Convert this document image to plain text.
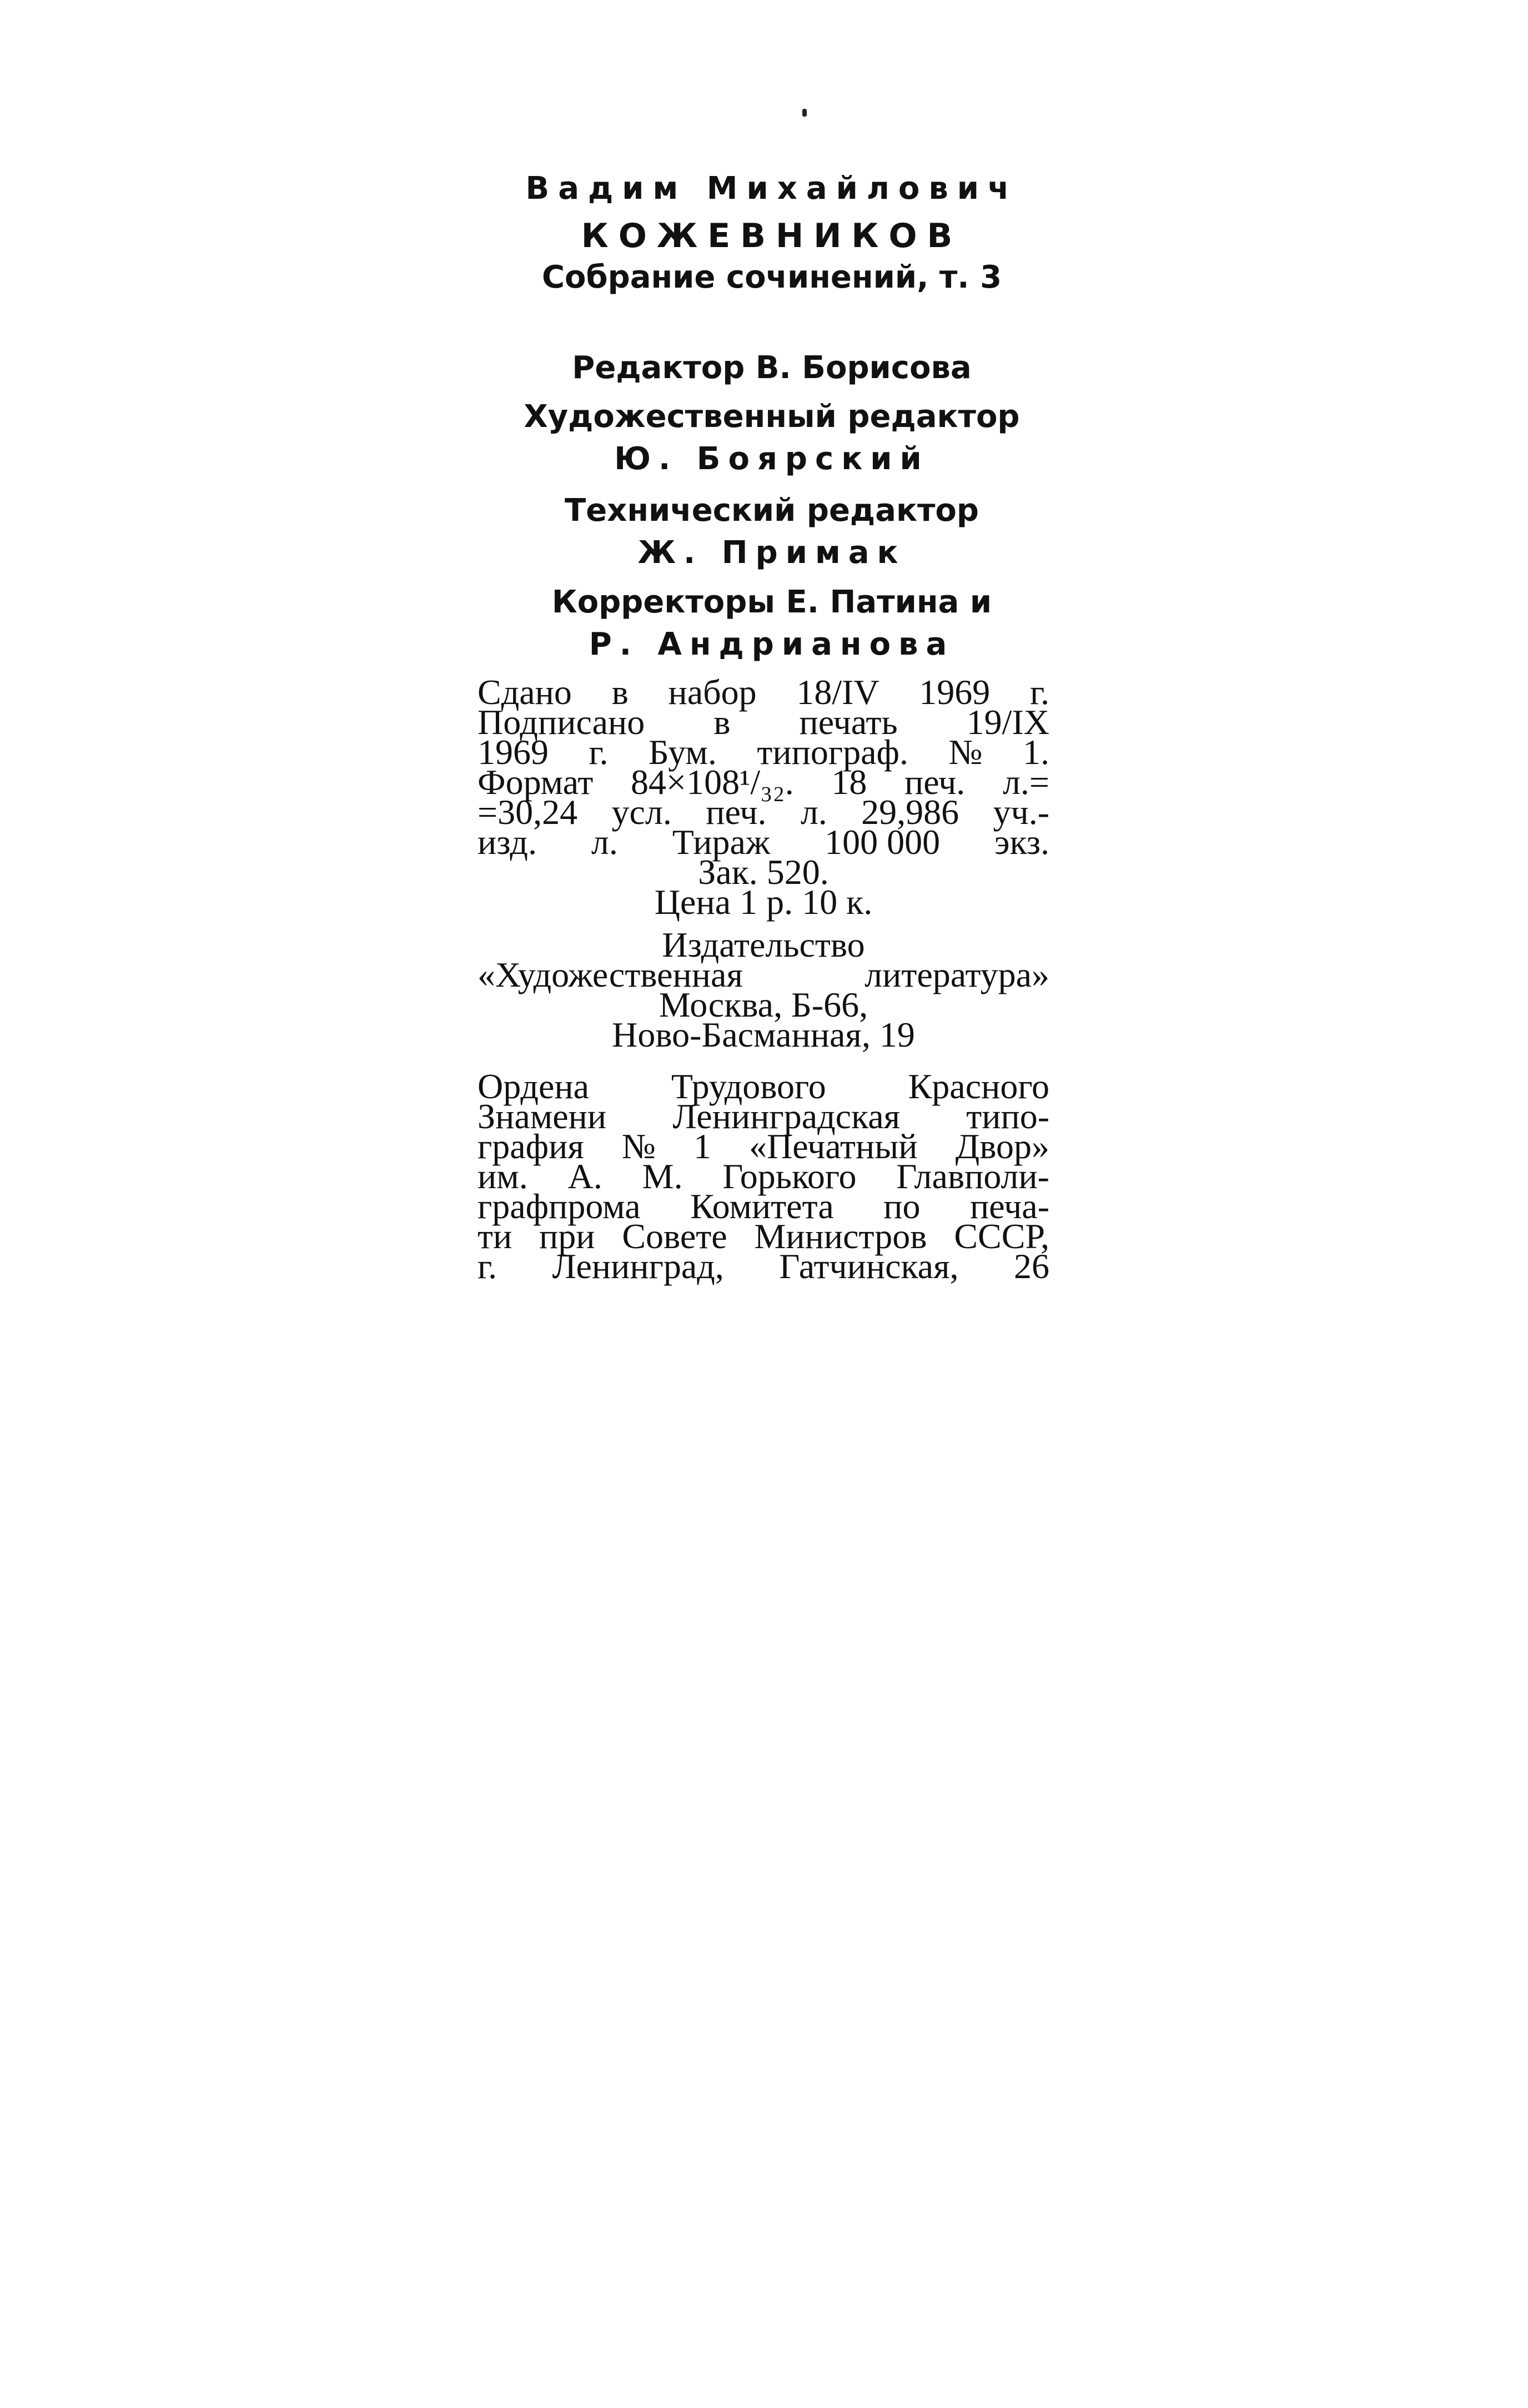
Вадим Михайлович
КОЖЕВНИКОВ
Собрание сочинений, т. 3
Редактор В. Борисова
Художественный редактор
Ю. Боярский
Технический редактор
Ж. Примак
Корректоры Е. Патина и
Р. Андрианова
Сдано в набор 18/IV 1969 г.
Подписано в печать 19/IX
1969 г. Бум. типограф. № 1.
Формат 84×108¹/₃₂. 18 печ. л.=
=30,24 усл. печ. л. 29,986 уч.-
изд. л. Тираж 100 000 экз.
Зак. 520.
Цена 1 р. 10 к.
Издательство
«Художественная	литература»
Москва, Б-66,
Ново-Басманная, 19
Ордена Трудового Красного
Знамени Ленинградская типо-
графия № 1 «Печатный Двор»
им. А. М. Горького Главполи-
графпрома Комитета по печа-
ти при Совете Министров СССР,
г. Ленинград, Гатчинская, 26
